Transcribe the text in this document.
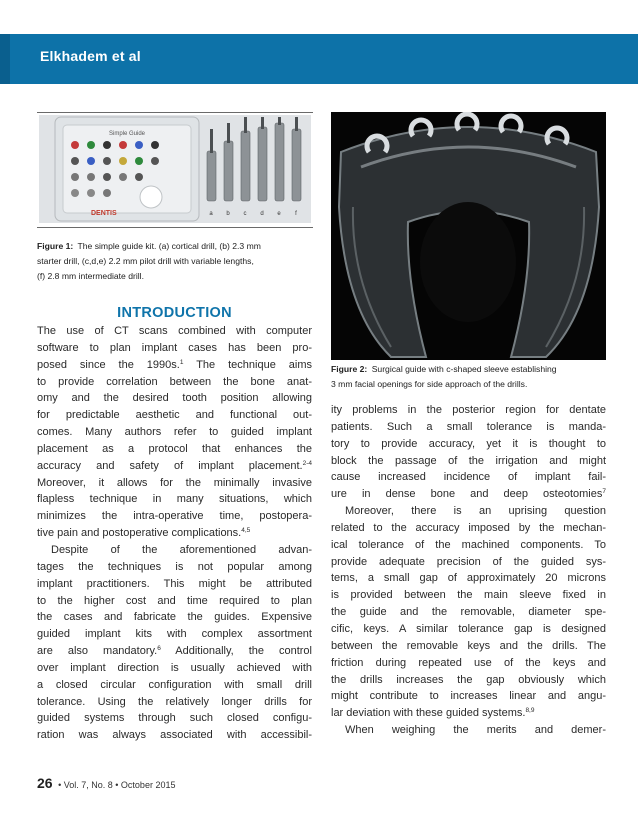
Elkhadem et al
Simple Guide
DENTIS	a b c d e f
Figure 1: The simple guide kit. (a) cortical drill, (b) 2.3 mm
starter drill, (c,d,e) 2.2 mm pilot drill with variable lengths,
(f) 2.8 mm intermediate drill.
Figure 2: Surgical guide with c-shaped sleeve establishing
3 mm facial openings for side approach of the drills.
INTRODUCTION
The use of CT scans combined with computer
software to plan implant cases has been pro-
posed since the 1990s.$^1$ The technique aims
to provide correlation between the bone anat-
omy and the desired tooth position allowing
for predictable aesthetic and functional out-
comes. Many authors refer to guided implant
placement as a protocol that enhances the
accuracy and safety of implant placement.$^{2-4}$
Moreover, it allows for the minimally invasive
flapless technique in many situations, which
minimizes the intra-operative time, postopera-
tive pain and postoperative complications.$^{4,5}$
Despite of the aforementioned advan-
tages the techniques is not popular among
implant practitioners. This might be attributed
to the higher cost and time required to plan
the cases and fabricate the guides. Expensive
guided implant kits with complex assortment
are also mandatory.$^6$ Additionally, the control
over implant direction is usually achieved with
a closed circular configuration with small drill
tolerance. Using the relatively longer drills for
guided systems through such closed configu-
ration was always associated with accessibil-
ity problems in the posterior region for dentate
patients. Such a small tolerance is manda-
tory to provide accuracy, yet it is thought to
block the passage of the irrigation and might
cause increased incidence of implant fail-
ure in dense bone and deep osteotomies$^7$
Moreover, there is an uprising question
related to the accuracy imposed by the mechan-
ical tolerance of the machined components. To
provide adequate precision of the guided sys-
tems, a small gap of approximately 20 microns
is provided between the main sleeve fixed in
the guide and the removable, diameter spe-
cific, keys. A similar tolerance gap is designed
between the removable keys and the drills. The
friction during repeated use of the keys and
the drills increases the gap obviously which
might contribute to increases linear and angu-
lar deviation with these guided systems.$^{8,9}$
When weighing the merits and demer-
26 • Vol. 7, No. 8 • October 2015
